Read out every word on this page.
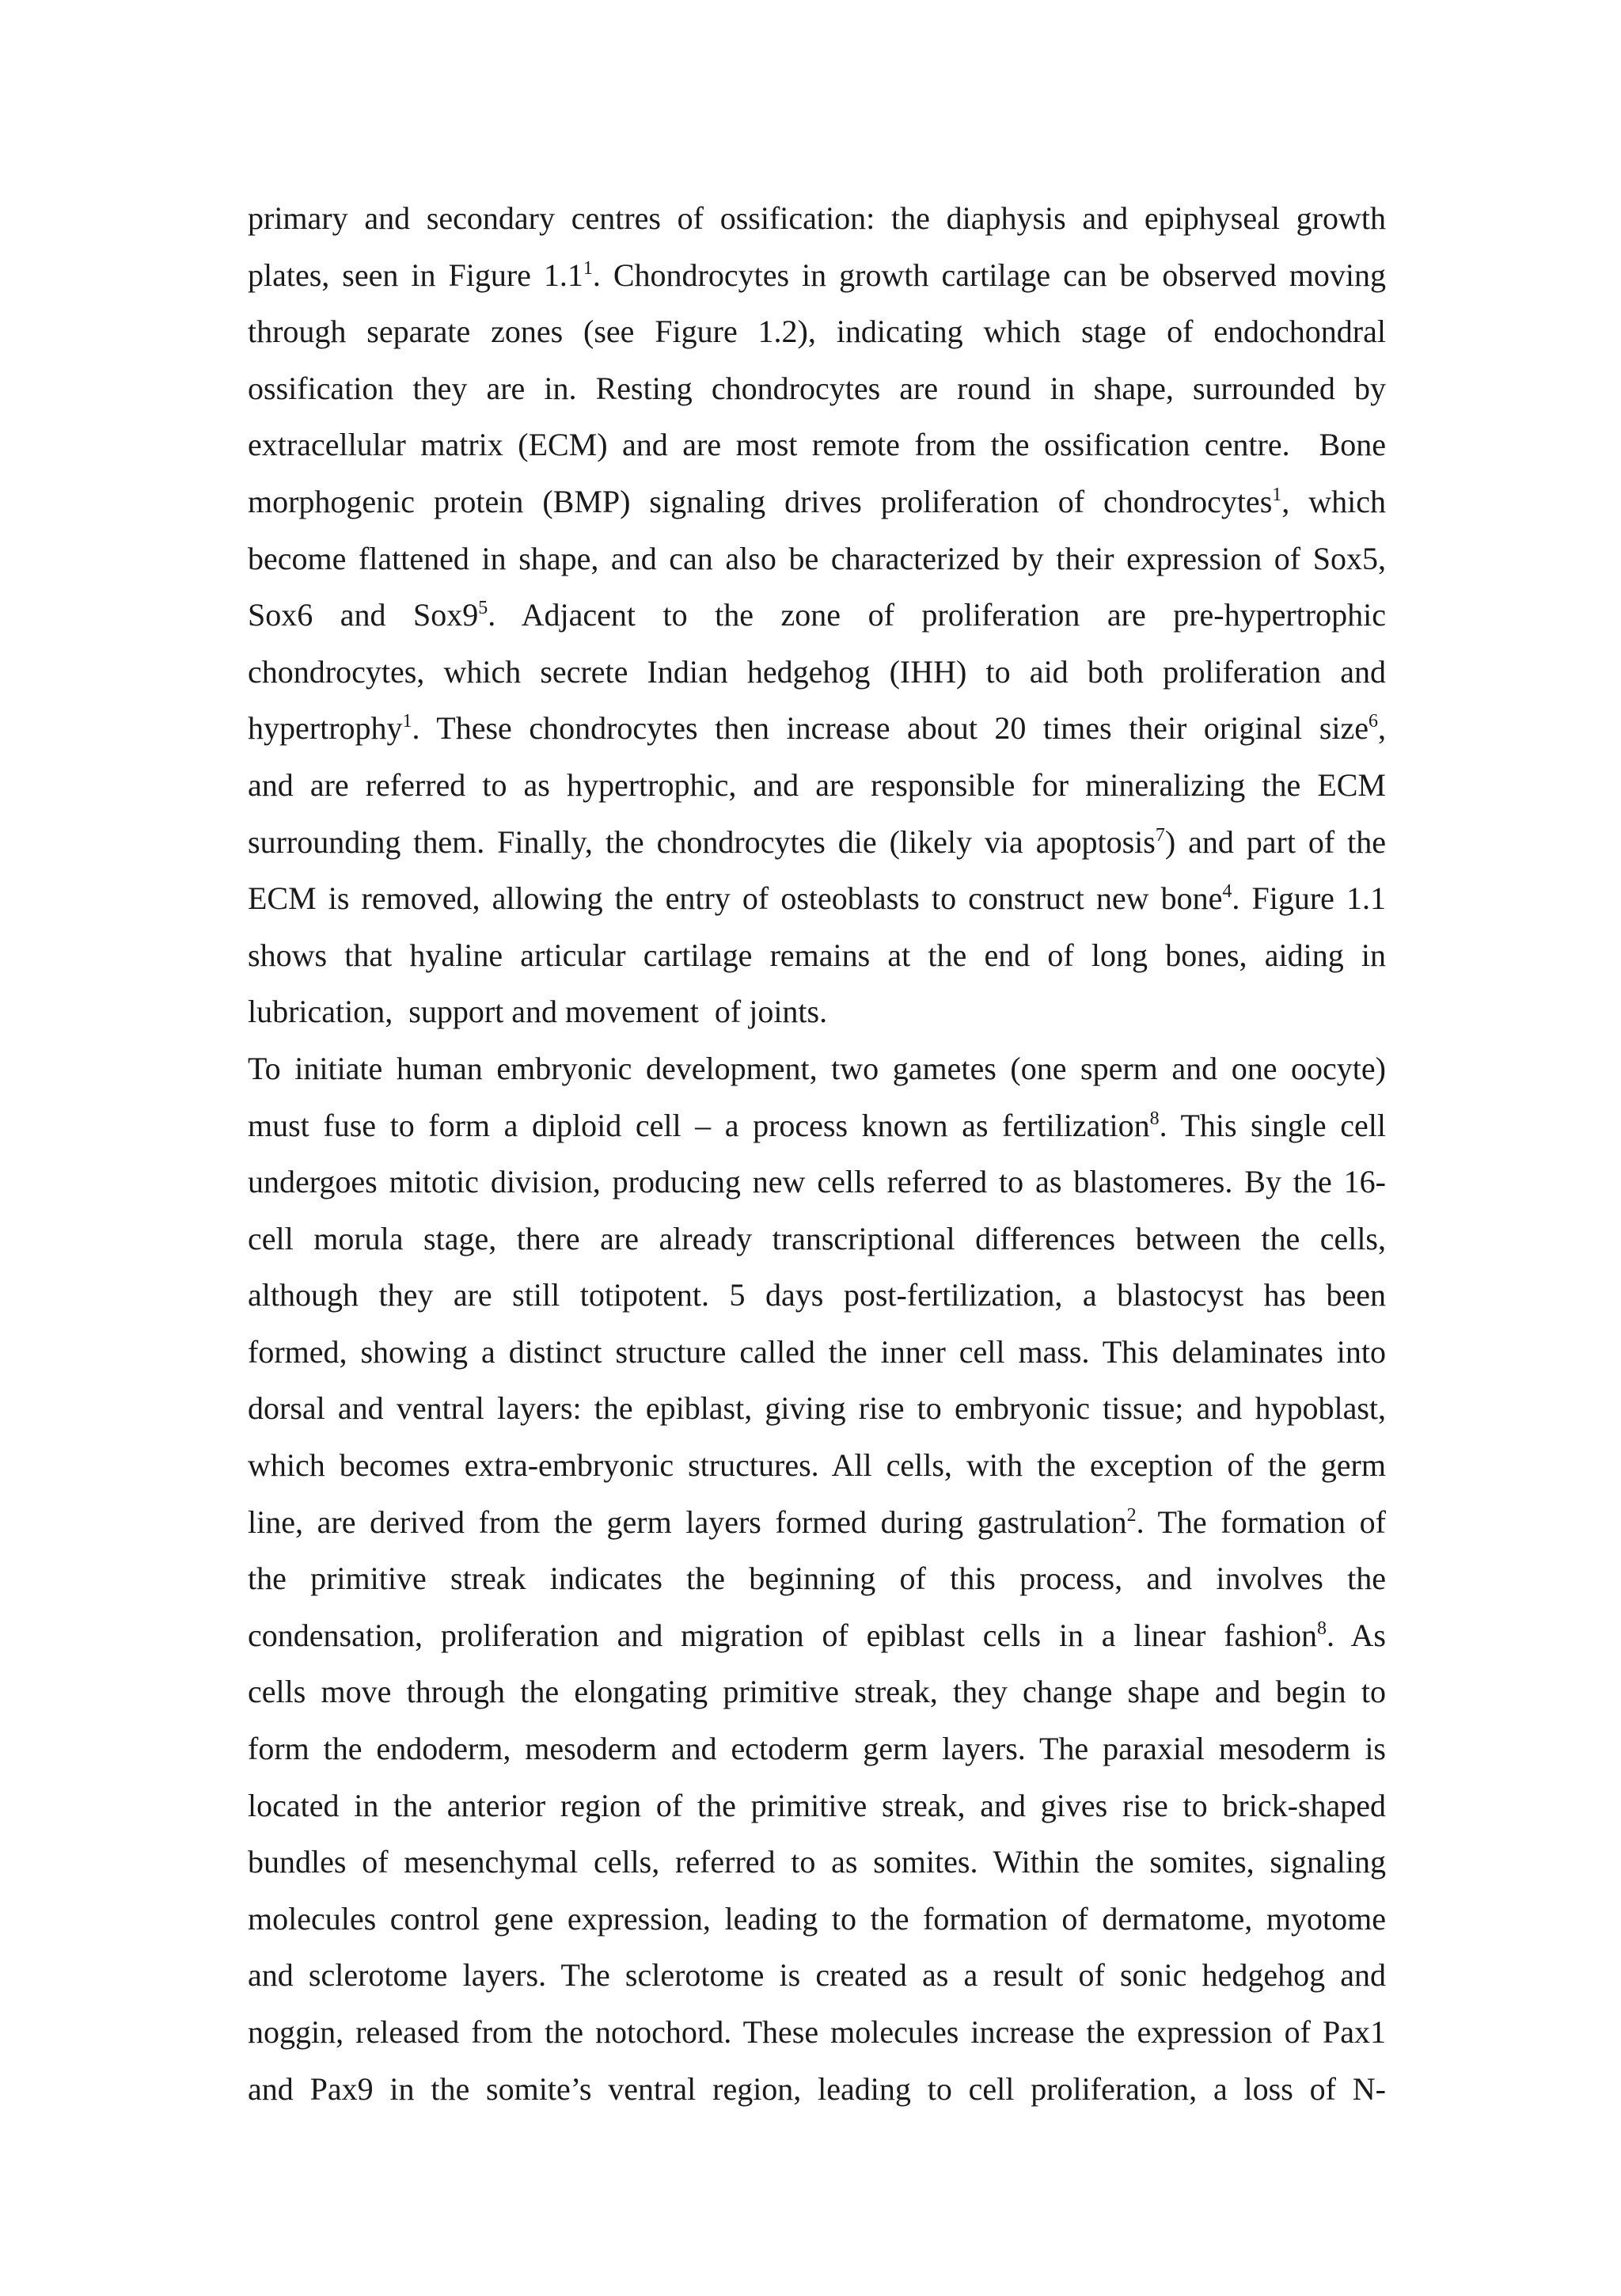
primary and secondary centres of ossification: the diaphysis and epiphyseal growth
plates, seen in Figure $1.1^1$. Chondrocytes in growth cartilage can be observed moving
through separate zones (see Figure 1.2), indicating which stage of endochondral
ossification they are in. Resting chondrocytes are round in shape, surrounded by
extracellular matrix (ECM) and are most remote from the ossification centre.  Bone
morphogenic protein (BMP) signaling drives proliferation of chondrocytes$^1$, which
become flattened in shape, and can also be characterized by their expression of Sox5,
Sox6 and $Sox9^5$. Adjacent to the zone of proliferation are pre-hypertrophic
chondrocytes, which secrete Indian hedgehog (IHH) to aid both proliferation and
hypertrophy$^1$. These chondrocytes then increase about 20 times their original size$^6$,
and are referred to as hypertrophic, and are responsible for mineralizing the ECM
surrounding them. Finally, the chondrocytes die (likely via apoptosis$^7$) and part of the
ECM is removed, allowing the entry of osteoblasts to construct new bone$^4$. Figure 1.1
shows that hyaline articular cartilage remains at the end of long bones, aiding in
lubrication,  support and movement  of joints.
To initiate human embryonic development, two gametes (one sperm and one oocyte)
must fuse to form a diploid cell – a process known as fertilization$^8$. This single cell
undergoes mitotic division, producing new cells referred to as blastomeres. By the 16-
cell morula stage, there are already transcriptional differences between the cells,
although they are still totipotent. 5 days post-fertilization, a blastocyst has been
formed, showing a distinct structure called the inner cell mass. This delaminates into
dorsal and ventral layers: the epiblast, giving rise to embryonic tissue; and hypoblast,
which becomes extra-embryonic structures. All cells, with the exception of the germ
line, are derived from the germ layers formed during gastrulation$^2$. The formation of
the primitive streak indicates the beginning of this process, and involves the
condensation, proliferation and migration of epiblast cells in a linear fashion$^8$. As
cells move through the elongating primitive streak, they change shape and begin to
form the endoderm, mesoderm and ectoderm germ layers. The paraxial mesoderm is
located in the anterior region of the primitive streak, and gives rise to brick-shaped
bundles of mesenchymal cells, referred to as somites. Within the somites, signaling
molecules control gene expression, leading to the formation of dermatome, myotome
and sclerotome layers. The sclerotome is created as a result of sonic hedgehog and
noggin, released from the notochord. These molecules increase the expression of Pax1
and Pax9 in the somite’s ventral region, leading to cell proliferation, a loss of N-
